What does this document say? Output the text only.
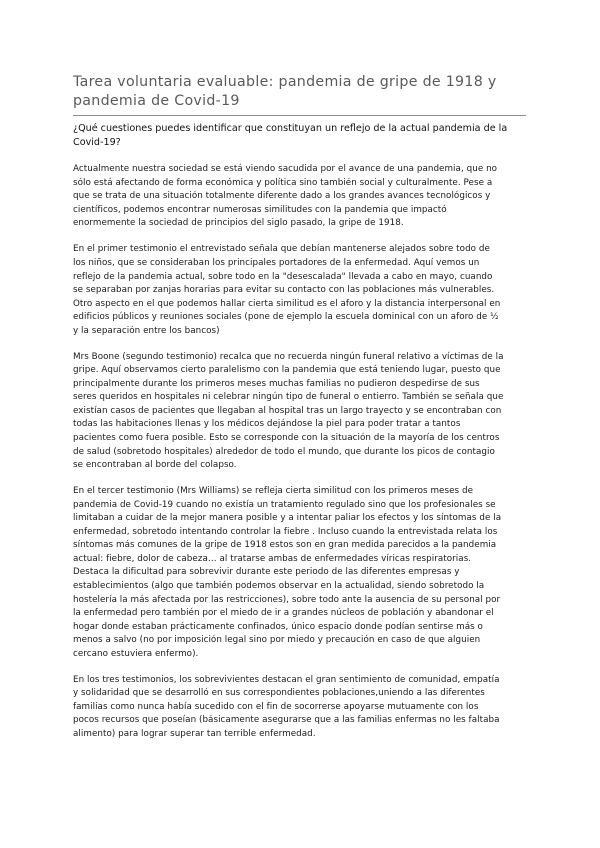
Tarea voluntaria evaluable: pandemia de gripe de 1918 y
pandemia de Covid-19

¿Qué cuestiones puedes identificar que constituyan un reflejo de la actual pandemia de la
Covid-19?

Actualmente nuestra sociedad se está viendo sacudida por el avance de una pandemia, que no
sólo está afectando de forma económica y política sino también social y culturalmente. Pese a
que se trata de una situación totalmente diferente dado a los grandes avances tecnológicos y
científicos, podemos encontrar numerosas similitudes con la pandemia que impactó
enormemente la sociedad de principios del siglo pasado, la gripe de 1918.

En el primer testimonio el entrevistado señala que debían mantenerse alejados sobre todo de
los niños, que se consideraban los principales portadores de la enfermedad. Aquí vemos un
reflejo de la pandemia actual, sobre todo en la "desescalada" llevada a cabo en mayo, cuando
se separaban por zanjas horarias para evitar su contacto con las poblaciones más vulnerables.
Otro aspecto en el que podemos hallar cierta similitud es el aforo y la distancia interpersonal en
edificios públicos y reuniones sociales (pone de ejemplo la escuela dominical con un aforo de ½
y la separación entre los bancos)

Mrs Boone (segundo testimonio) recalca que no recuerda ningún funeral relativo a víctimas de la
gripe. Aquí observamos cierto paralelismo con la pandemia que está teniendo lugar, puesto que
principalmente durante los primeros meses muchas familias no pudieron despedirse de sus
seres queridos en hospitales ni celebrar ningún tipo de funeral o entierro. También se señala que
existían casos de pacientes que llegaban al hospital tras un largo trayecto y se encontraban con
todas las habitaciones llenas y los médicos dejándose la piel para poder tratar a tantos
pacientes como fuera posible. Esto se corresponde con la situación de la mayoría de los centros
de salud (sobretodo hospitales) alrededor de todo el mundo, que durante los picos de contagio
se encontraban al borde del colapso.

En el tercer testimonio (Mrs Williams) se refleja cierta similitud con los primeros meses de
pandemia de Covid-19 cuando no existía un tratamiento regulado sino que los profesionales se
limitaban a cuidar de la mejor manera posible y a intentar paliar los efectos y los síntomas de la
enfermedad, sobretodo intentando controlar la fiebre . Incluso cuando la entrevistada relata los
síntomas más comunes de la gripe de 1918 estos son en gran medida parecidos a la pandemia
actual: fiebre, dolor de cabeza… al tratarse ambas de enfermedades víricas respiratorias.
Destaca la dificultad para sobrevivir durante este periodo de las diferentes empresas y
establecimientos (algo que también podemos observar en la actualidad, siendo sobretodo la
hostelería la más afectada por las restricciones), sobre todo ante la ausencia de su personal por
la enfermedad pero también por el miedo de ir a grandes núcleos de población y abandonar el
hogar donde estaban prácticamente confinados, único espacio donde podían sentirse más o
menos a salvo (no por imposición legal sino por miedo y precaución en caso de que alguien
cercano estuviera enfermo).

En los tres testimonios, los sobrevivientes destacan el gran sentimiento de comunidad, empatía
y solidaridad que se desarrolló en sus correspondientes poblaciones,uniendo a las diferentes
familias como nunca había sucedido con el fin de socorrerse apoyarse mutuamente con los
pocos recursos que poseían (básicamente asegurarse que a las familias enfermas no les faltaba
alimento) para lograr superar tan terrible enfermedad.
